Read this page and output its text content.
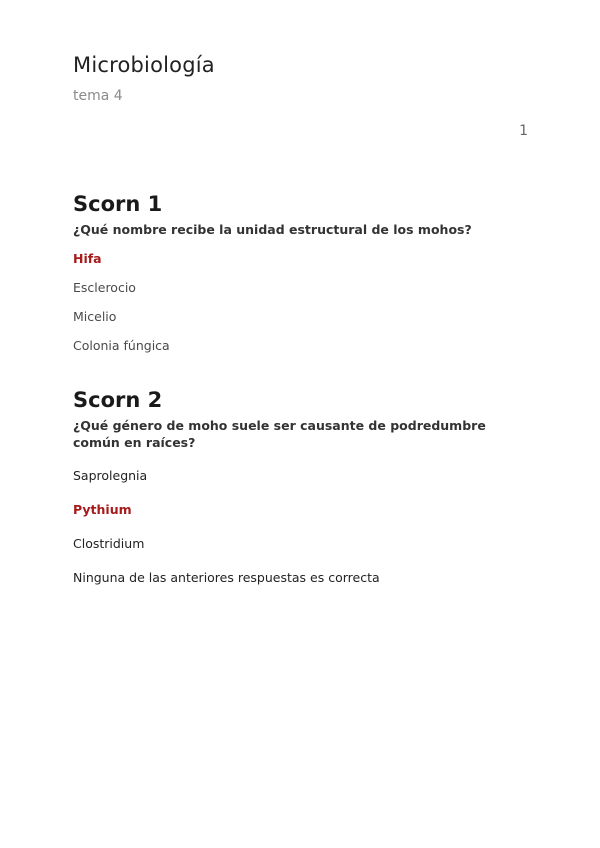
Microbiología
tema 4
1
Scorn 1

¿Qué nombre recibe la unidad estructural de los mohos?

Hifa
Esclerocio
Micelio
Colonia fúngica
Scorn 2

¿Qué género de moho suele ser causante de podredumbre común en raíces?

Saprolegnia
Pythium
Clostridium
Ninguna de las anteriores respuestas es correcta
